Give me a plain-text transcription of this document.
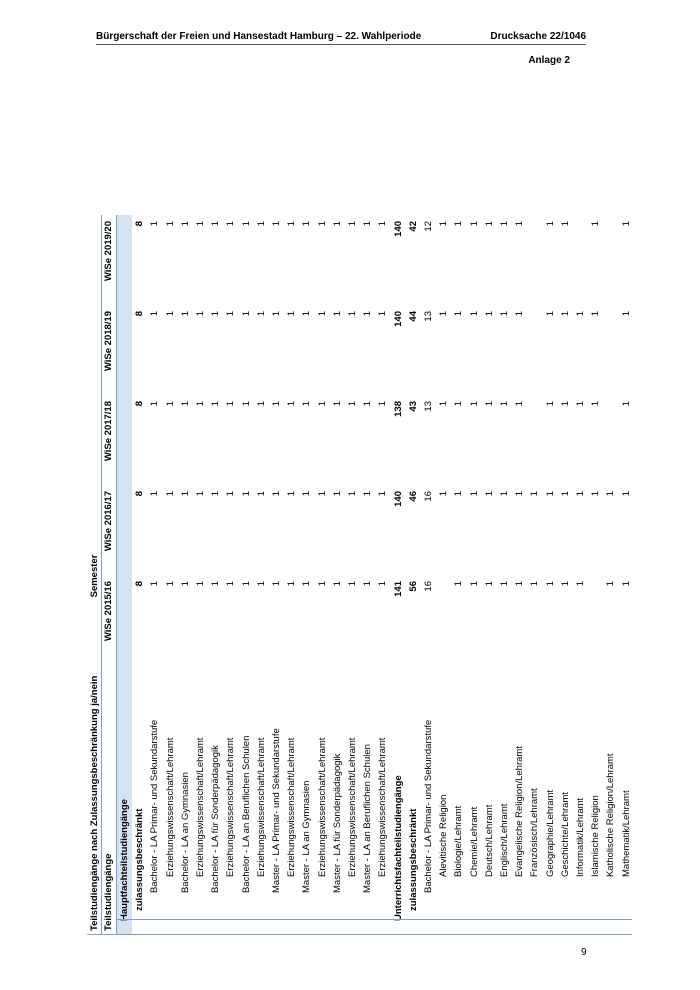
Bürgerschaft der Freien und Hansestadt Hamburg – 22. Wahlperiode	Drucksache 22/1046
Anlage 2
Teilstudiengänge nach Zulassungsbeschränkung ja/nein
Semester
Teilstudiengänge
WiSe 2015/16
WiSe 2016/17
WiSe 2017/18
WiSe 2018/19
WiSe 2019/20
Hauptfachteilstudiengänge zulassungsbeschränkt
8
8
8
8
8
Bachelor - LA Primar- und Sekundarstufe
1
1
1
1
1
Erziehungswissenschaft/Lehramt
1
1
1
1
1
Bachelor - LA an Gymnasien
1
1
1
1
1
Erziehungswissenschaft/Lehramt
1
1
1
1
1
Bachelor - LA für Sonderpädagogik
1
1
1
1
1
Erziehungswissenschaft/Lehramt
1
1
1
1
1
Bachelor - LA an Beruflichen Schulen
1
1
1
1
1
Erziehungswissenschaft/Lehramt
1
1
1
1
1
Master - LA Primar- und Sekundarstufe
1
1
1
1
1
Erziehungswissenschaft/Lehramt
1
1
1
1
1
Master - LA an Gymnasien
1
1
1
1
1
Erziehungswissenschaft/Lehramt
1
1
1
1
1
Master - LA für Sonderpädagogik
1
1
1
1
1
Erziehungswissenschaft/Lehramt
1
1
1
1
1
Master - LA an Beruflichen Schulen
1
1
1
1
1
Erziehungswissenschaft/Lehramt
1
1
1
1
1
Unterrichtsfachteilstudiengänge
141
140
138
140
140
zulassungsbeschränkt
56
46
43
44
42
Bachelor - LA Primar- und Sekundarstufe
16
16
13
13
12
Alevitische Religion
1
1
1
1
Biologie/Lehramt
1
1
1
1
1
Chemie/Lehramt
1
1
1
1
1
Deutsch/Lehramt
1
1
1
1
1
Englisch/Lehramt
1
1
1
1
1
Evangelische Religion/Lehramt
1
1
1
1
1
Französisch/Lehramt
1
1
Geographie/Lehramt
1
1
1
1
1
Geschichte/Lehramt
1
1
1
1
1
Informatik/Lehramt
1
1
1
1
Islamische Religion
1
1
1
1
Katholische Religion/Lehramt
1
1
Mathematik/Lehramt
1
1
1
1
1
9
